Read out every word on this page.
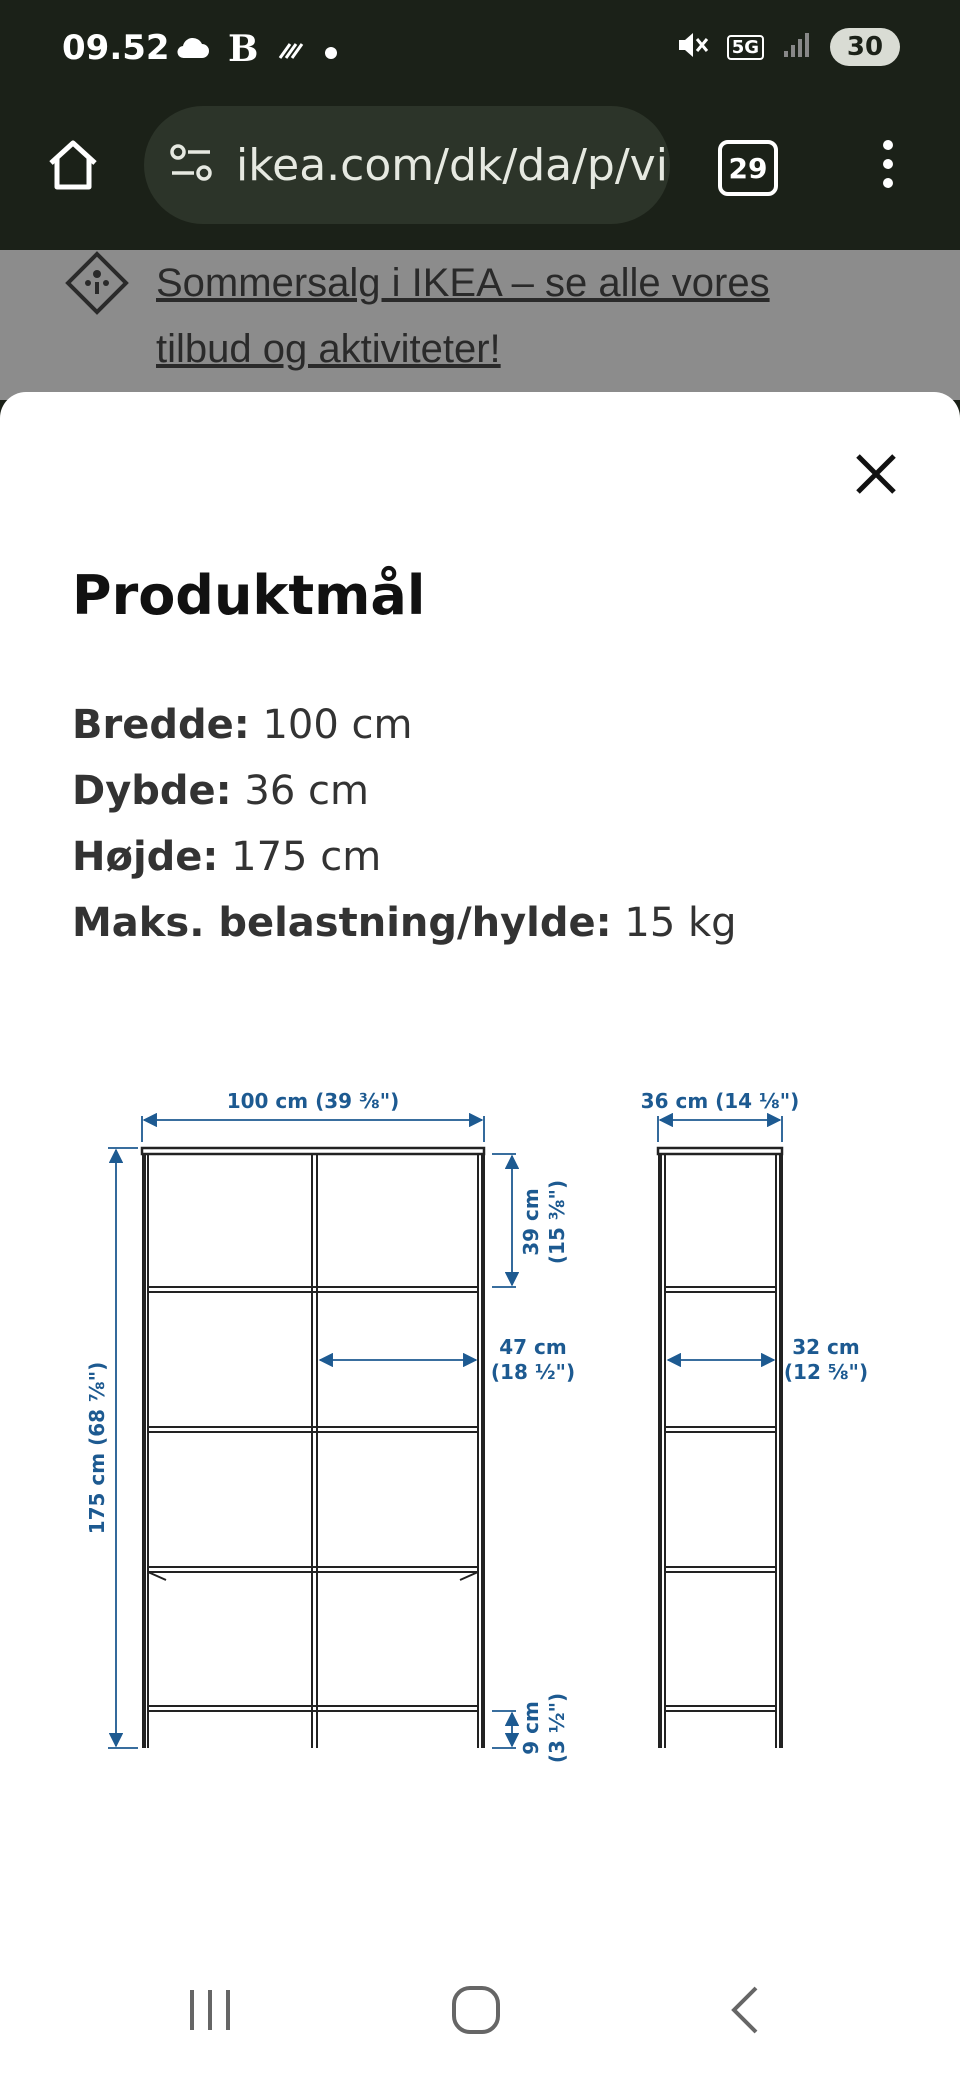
09.52 B	5G	30
ikea.com/dk/da/p/vi	29
Sommersalg i IKEA – se alle vores tilbud og aktiviteter!
Produktmål
Bredde: 100 cm
Dybde: 36 cm
Højde: 175 cm
Maks. belastning/hylde: 15 kg
100 cm (39 ⅜")	36 cm (14 ⅛")
175 cm (68 ⅞")
39 cm (15 ⅜")
47 cm
(18 ½")
32 cm
(12 ⅝")
9 cm (3 ½")
